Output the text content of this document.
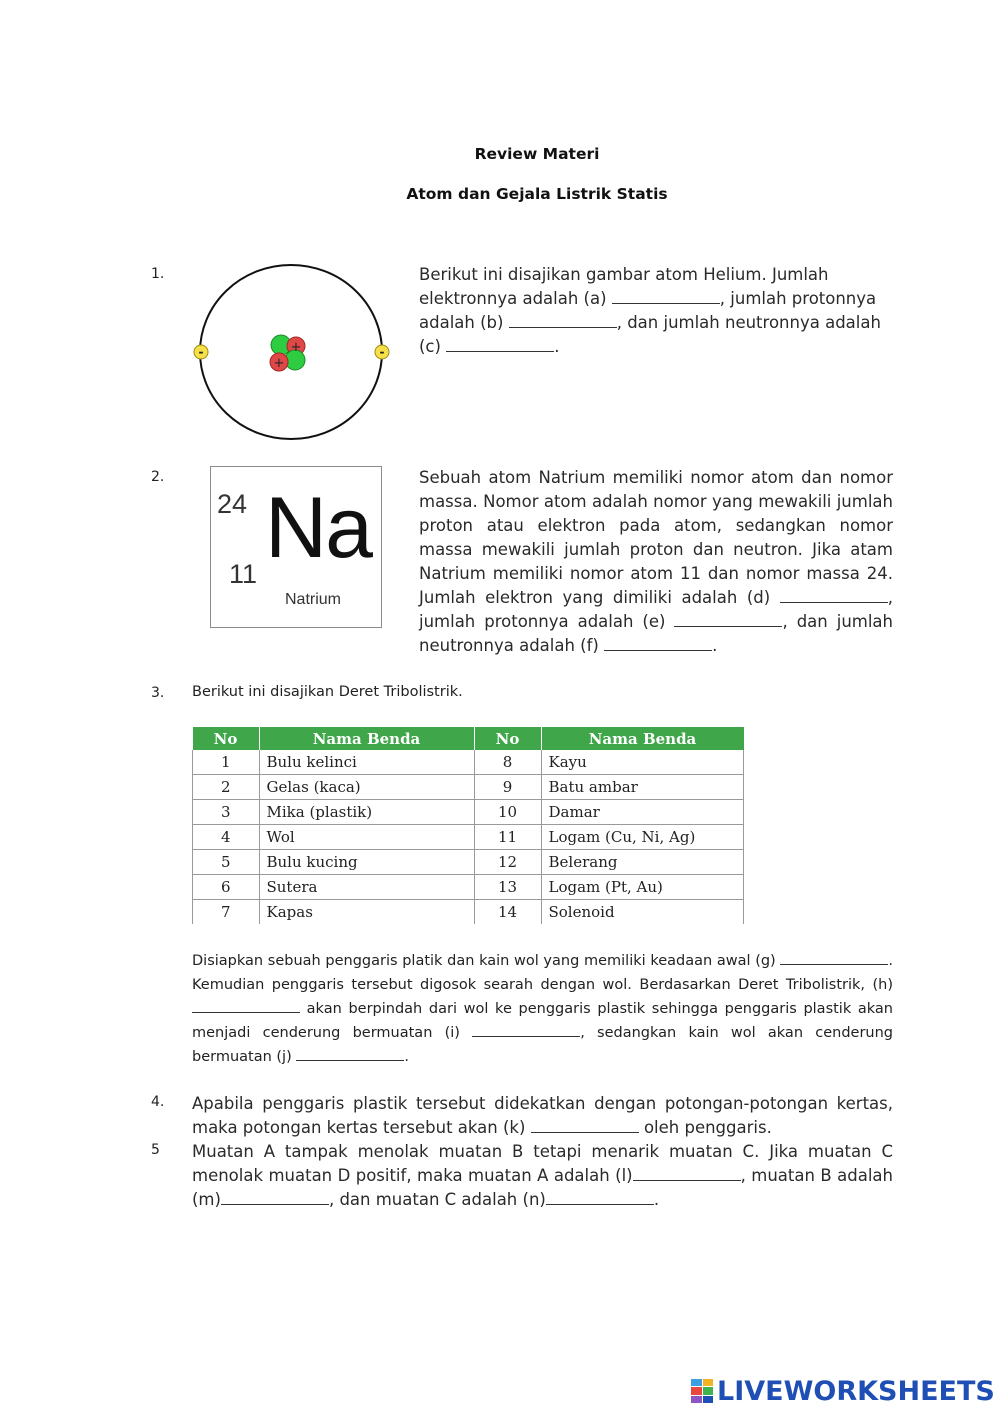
Review Materi
Atom dan Gejala Listrik Statis
1.
+
+
-	-
Berikut ini disajikan gambar atom Helium. Jumlah elektronnya adalah (a)	, jumlah protonnya adalah (b)	, dan jumlah neutronnya adalah (c)	.
2.
24
11 Na
Natrium
Sebuah atom Natrium memiliki nomor atom dan nomor massa. Nomor atom adalah nomor yang mewakili jumlah proton atau elektron pada atom, sedangkan nomor massa mewakili jumlah proton dan neutron. Jika atam Natrium memiliki nomor atom 11 dan nomor massa 24. Jumlah elektron yang dimiliki adalah (d)	, jumlah protonnya adalah (e)	, dan jumlah neutronnya adalah (f)	.
3. Berikut ini disajikan Deret Tribolistrik.
No	Nama Benda	No	Nama Benda
1	Bulu kelinci	8	Kayu
2	Gelas (kaca)	9	Batu ambar
3	Mika (plastik)	10	Damar
4	Wol	11	Logam (Cu, Ni, Ag)
5	Bulu kucing	12	Belerang
6	Sutera	13	Logam (Pt, Au)
7	Kapas	14	Solenoid
Disiapkan sebuah penggaris platik dan kain wol yang memiliki keadaan awal (g)	. Kemudian penggaris tersebut digosok searah dengan wol. Berdasarkan Deret Tribolistrik, (h)  akan berpindah dari wol ke penggaris plastik sehingga penggaris plastik akan menjadi cenderung bermuatan (i)	, sedangkan kain wol akan cenderung bermuatan (j)	.
4. Apabila penggaris plastik tersebut didekatkan dengan potongan-potongan kertas, maka potongan kertas tersebut akan (k)	oleh penggaris.
5 Muatan A tampak menolak muatan B tetapi menarik muatan C. Jika muatan C menolak muatan D positif, maka muatan A adalah (l)	, muatan B adalah (m)	, dan muatan C adalah (n)	.
LIVEWORKSHEETS
